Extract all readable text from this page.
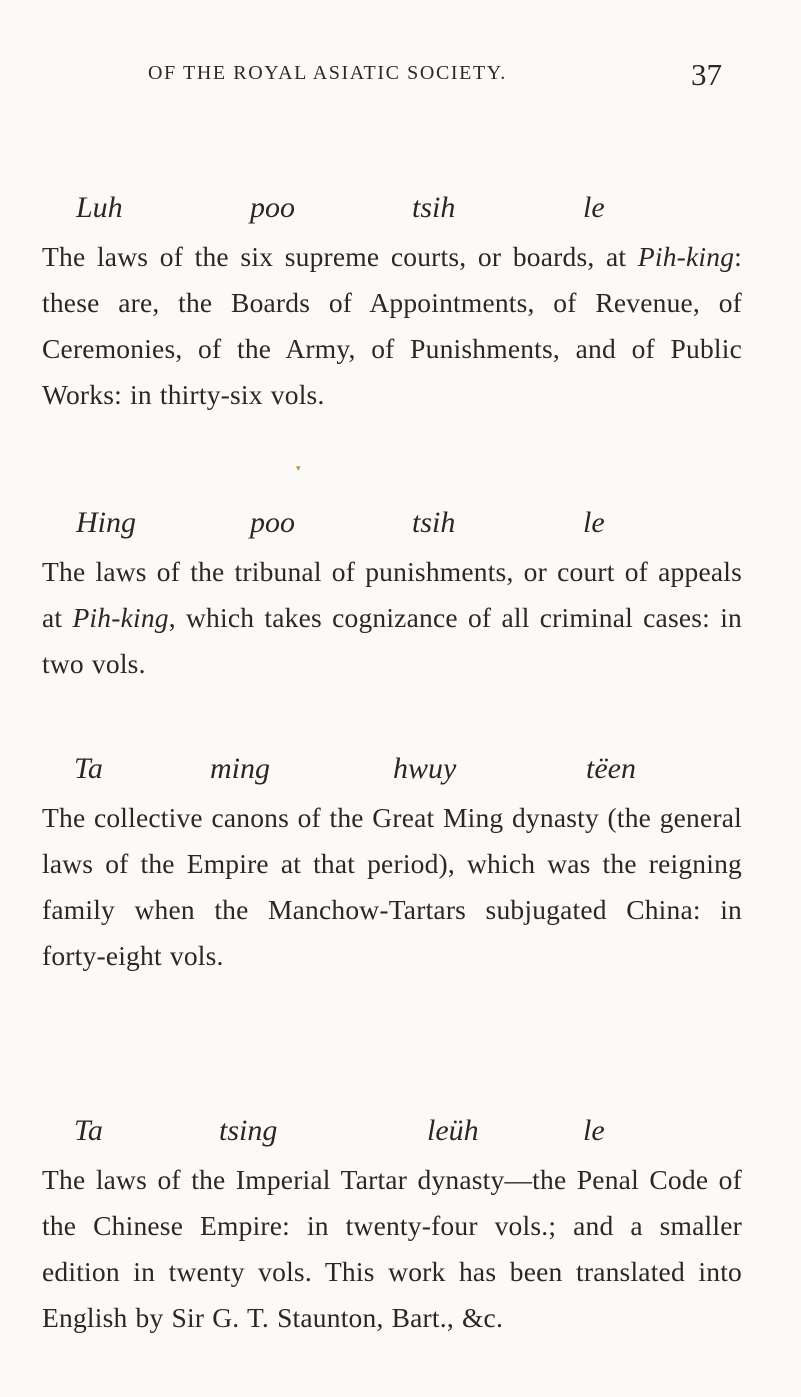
OF THE ROYAL ASIATIC SOCIETY.	37
Luh	poo	tsih	le

The laws of the six supreme courts, or boards, at Pih-king: these are, the Boards of Appointments, of Revenue, of Ceremonies, of the Army, of Punishments, and of Public Works: in thirty-six vols.

▾
Hing	poo	tsih	le

The laws of the tribunal of punishments, or court of appeals at Pih-king, which takes cognizance of all criminal cases: in two vols.

Ta	ming	hwuy	tëen

The collective canons of the Great Ming dynasty (the general laws of the Empire at that period), which was the reigning family when the Manchow-Tartars subjugated China: in forty-eight vols.

Ta	tsing	leüh	le

The laws of the Imperial Tartar dynasty—the Penal Code of the Chinese Empire: in twenty-four vols.; and a smaller edition in twenty vols. This work has been translated into English by Sir G. T. Staunton, Bart., &c.
